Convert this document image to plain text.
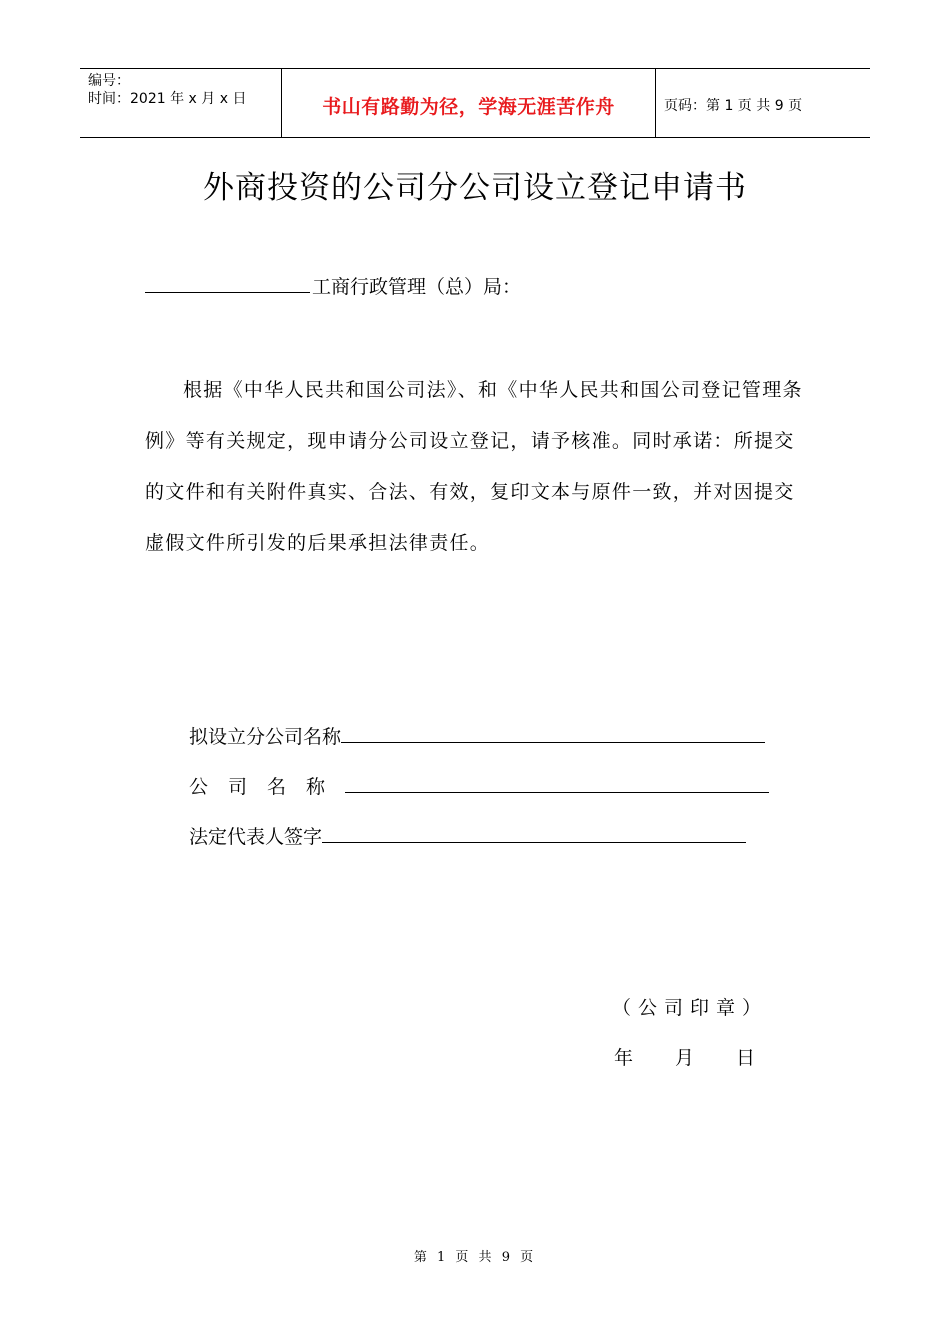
编号：
时间：2021 年 x 月 x 日	书山有路勤为径，学海无涯苦作舟	页码：第 1 页 共 9 页
外商投资的公司分公司设立登记申请书
工商行政管理（总）局：
根据《中华人民共和国公司法》、和《中华人民共和国公司登记管理条例》等有关规定，现申请分公司设立登记，请予核准。同时承诺：所提交的文件和有关附件真实、合法、有效，复印文本与原件一致，并对因提交虚假文件所引发的后果承担法律责任。
拟设立分公司名称
公司名称
法定代表人签字
（公司印章）
年月日
第 1 页 共 9 页
